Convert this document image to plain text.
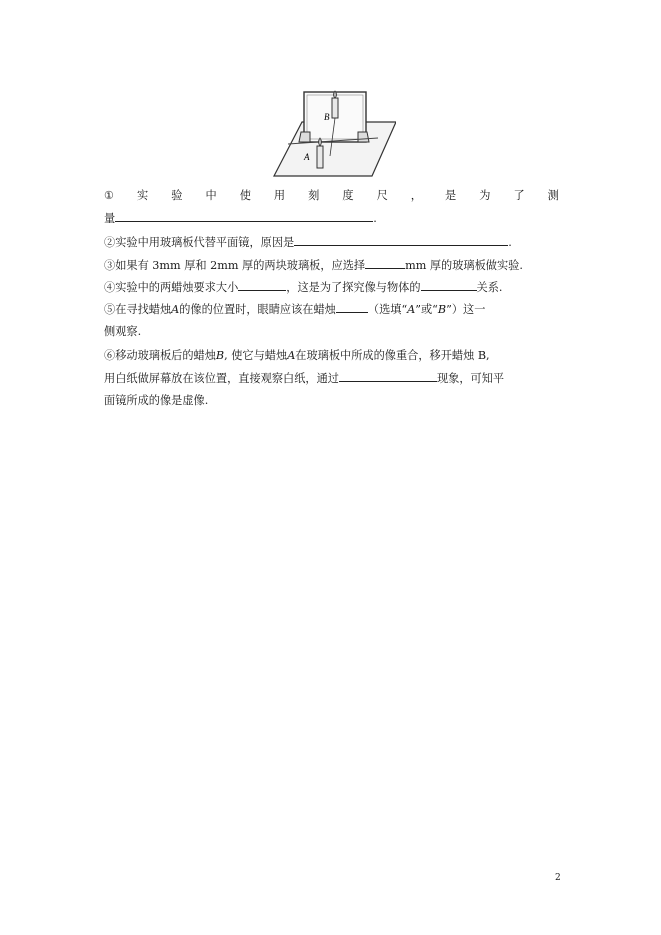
B
A
① 实 验 中 使 用 刻 度 尺 ， 是 为 了 测
量	.
②实验中用玻璃板代替平面镜，原因是	.
③如果有 3mm 厚和 2mm 厚的两块玻璃板，应选择	mm 厚的玻璃板做实验.
④实验中的两蜡烛要求大小	，这是为了探究像与物体的	关系.
⑤在寻找蜡烛A的像的位置时，眼睛应该在蜡烛	（选填“A”或“B”）这一
侧观察.
⑥移动玻璃板后的蜡烛B, 使它与蜡烛A在玻璃板中所成的像重合，移开蜡烛 B,
用白纸做屏幕放在该位置，直接观察白纸，通过	现象，可知平
面镜所成的像是虚像.
2
